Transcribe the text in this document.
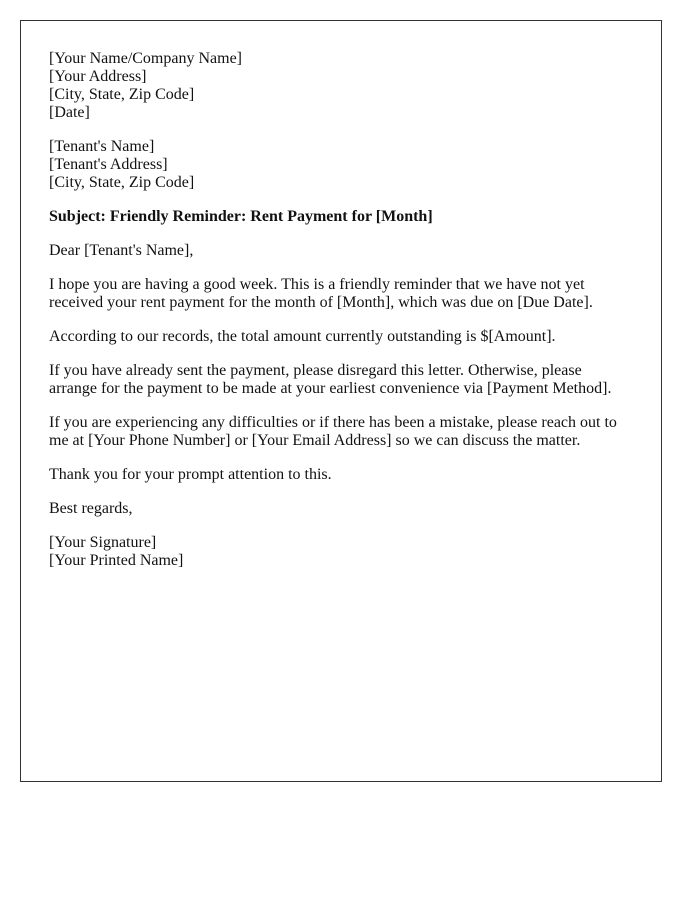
[Your Name/Company Name]
[Your Address]
[City, State, Zip Code]
[Date]
[Tenant's Name]
[Tenant's Address]
[City, State, Zip Code]

Subject: Friendly Reminder: Rent Payment for [Month]

Dear [Tenant's Name],

I hope you are having a good week. This is a friendly reminder that we have not yet received your rent payment for the month of [Month], which was due on [Due Date].

According to our records, the total amount currently outstanding is $[Amount].

If you have already sent the payment, please disregard this letter. Otherwise, please arrange for the payment to be made at your earliest convenience via [Payment Method].

If you are experiencing any difficulties or if there has been a mistake, please reach out to me at [Your Phone Number] or [Your Email Address] so we can discuss the matter.

Thank you for your prompt attention to this.

Best regards,

[Your Signature]
[Your Printed Name]
